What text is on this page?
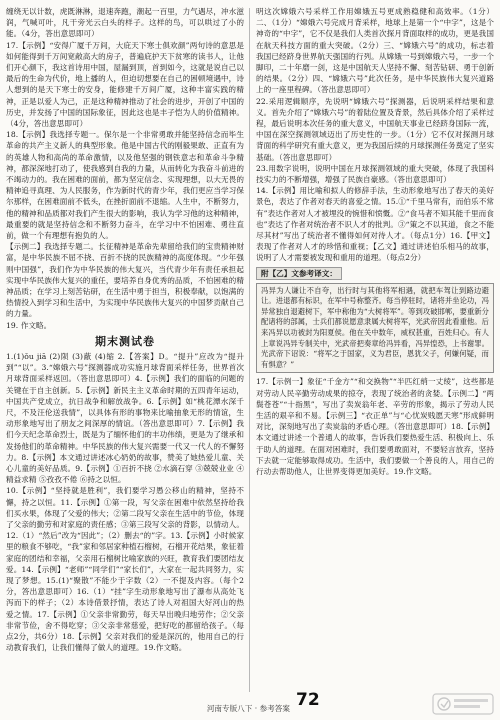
缠绕无以计数，虎既淋淋，退速奔跑，潮起一百里，力气遇尽，冲水滋润，气喊可叶，凡干旁光云白头的样子。这样的鸟，可以哄过了小的能。（4分，答出意思即可）

17.【示例】“安得广厦千万间，大庇天下寒士俱欢颜”两句诗的意思是如何能得到千万间宽敞高大的房子，普遍庇护天下贫寒的读书人，让他们开心颜下，我这首诗用中国，屋漏到顶，首到如今，这就是说自己以最后的生命为代价，地上播的人，但迫切想要在自己的困顿境遇中，诗人想到的是天下寒士的安身，能修建千万间广厦，这种丰富实践的精神，正是以爱人为己，正是这种精神推动了社会的进步，开创了中国的历史，并发扬了中国的国际象征，因此这也是丰子恺为人的价值精神。（4分，答出意思即可）

18.【示例】我选择专题一。保尔是一个非常勇敢并能坚持信念而毕生革命的共产主义新人的典型形象。他是中国古代的刚毅果敢、正直有为的英雄人物和高尚的革命激情，以及他坚强的钢铁意志和革命斗争精神，都深深地打动了，使我感到自我的力量，从而转化为我奋斗前进的不竭动力的。我在困难的面前，都为坚定信念、实现理想，以大无畏的精神追寻真理、为人民服务，作为新时代的青少年，我们更应当学习保尔那样，在困难面前不低头，在挫折面前不退缩。人生中，不断努力，他的精神和品质都对我们产生很大的影响，我认为学习他的这种精神，最重要的就是坚持信念和不断努力奋斗，在学习中不怕困难、勇往直前，做一个有理想有抱负的人。

【示例二】我选择专题二。长征精神是革命先辈留给我们的宝贵精神财富，是中华民族不屈不挠、百折不挠的民族精神的高度体现。“少年强则中国强”，我们作为中华民族的伟大复兴，当代青少年有责任承担起实现中华民族伟大复兴的重任，要培养自身优秀的品质，不怕困难的精神品质；在学习上刻苦钻研，在生活中勇于担当，积极奉献，以饱满的热情投入到学习和生活中，为实现中华民族伟大复兴的中国梦贡献自己的力量。

19. 作文略。

期末测试卷

1.(1)ǒu jiā (2)陨 (3)蔽 (4)缩 2.【答案】D。“提升”应改为“提升到”“以”。3.“嫦娥六号”探测器成功实施月球背面采样任务，世界首次月球背面采样返回。（答出意思即可）4.【示例】我们的面临的问题的关键在于自主创新。5.【示例】新民主主义革命时期的五四青年运动，中国共产党成立，抗日战争和解放战争。6.【示例】如“桃花潭水深千尺，不及汪伦送我情”，以具体有形的事物来比喻抽象无形的情谊，生动形象地写出了朋友之间深厚的情谊。（答出意思即可）7.【示例】我们今天纪念革命烈士，既是为了缅怀他们的丰功伟绩，更是为了继承和发扬他们的革命精神。中华民族的伟大复兴需要一代又一代人的不懈努力。8.【示例】本文通过讲述冰心奶奶的故事，赞美了她热爱儿童、关心儿童的美好品质。9.【示例】①百折不挠 ②水滴石穿 ③兢兢业业 ④精益求精 ⑤孜孜不倦 ⑥持之以恒。

10.【示例】“坚持就是胜利”，我们要学习愚公移山的精神，坚持不懈，持之以恒。11.【示例】①第一段，写父亲在困难中依然坚持给我们买水果，体现了父爱的伟大；②第二段写父亲在生活中的节俭，体现了父亲的勤劳和对家庭的责任感；③第三段写父亲的背影，以情动人。12.（1）“然后”改为“因此”；（2）删去“的”字。13.【示例】小时候家里的粮食不够吃，“我”家和邻居家种植石榴树，石榴开花结果，象征着家庭的团结和幸福，父亲用石榴树比喻家族的兴旺，教育我们要团结友爱。14.【示例】“老师”“同学们”“家长们”，大家在一起共同努力，实现了梦想。15.(1)“聚散”不能少于字数（2）一不提及内容。（每个2分，答出意思即可）16.（1）“挂”字生动形象地写出了瀑布从高处飞泻而下的样子；（2）本诗借景抒情，表达了诗人对祖国大好河山的热爱之情。17.【示例】①父亲非常勤劳，每天早出晚归地劳作；②父亲非常节俭，舍不得吃穿；③父亲非常慈爱，把好吃的都留给孩子。（每点2分，共6分）18.【示例】父亲对我们的爱是深沉的，他用自己的行动教育我们，让我们懂得了做人的道理。19.作文略。

明这次嫦娥六号采样工作用嫦娥五号更成熟稳健和高效率。（1分）二、（1分）“嫦娥六号完成月背采样，地球上是第一个“中字”，这是个神奇的“中字”，它不仅是我们人类首次探月背面取样的成功，更是我国在航天科技方面的重大突破。（2分）三、“嫦娥六号”的成功，标志着我国已经跻身世界航天强国的行列。从嫦娥一号到嫦娥六号，一步一个脚印，二十年磨一剑，这是中国航天人坚持不懈、刻苦钻研、勇于创新的结果。（2分）四、“嫦娥六号”此次任务，是中华民族伟大复兴道路上的一座里程碑。（答出意思即可）

22.采用逻辑顺序，先说明“嫦娥六号”探测器，后说明采样结果和意义。首先介绍了“嫦娥六号”的着陆位置及背景，然后具体介绍了采样过程，最后说明本次任务的重大意义，中国航天事业已经跻身国际一流，中国在深空探测领域迈出了历史性的一步。（1分）它不仅对探测月球背面的科学研究有重大意义，更为我国后续的月球探测任务奠定了坚实基础。（答出意思即可）

23.用数字说明，说明中国在月球探测领域的重大突破，体现了我国科技实力的不断增强，增强了民族自豪感。（答出意思即可）

14.【示例】用比喻和拟人的修辞手法，生动形象地写出了春天的美好景色，表达了作者对春天的喜爱之情。15.①“千里马常有，而伯乐不常有”表达作者对人才被埋没的惋惜和愤慨。②“食马者不知其能千里而食也”表达了作者对统治者不识人才的批判。③“策之不以其道，食之不能尽其材”写出了统治者不懂得如何对待人才。（每点1分）16.【甲文】表现了作者对人才的珍惜和重视；【乙文】通过讲述伯乐相马的故事，说明了人才需要被发现和重用的道理。（每点2分）

附【乙】文参考译文：

冯异为人谦让不自夸，出行时与其他将军相遇，就把车驾让到路边避让。进退都有标识，在军中号称整齐。每当停驻时，诸将并坐论功，冯异常独自退避树下，军中称他为“大树将军”。等到攻破邯郸，要重新分配诸将的部属，士兵们都说愿意隶属大树将军，光武帝因此看重他。后来冯异以功被封为阳夏侯。他在关中数年，威权甚重，百姓归心。有人上章说冯异专制关中，光武帝把奏章给冯异看，冯异惶恐，上书谢罪。光武帝下诏说：“将军之于国家，义为君臣，恩犹父子，何嫌何疑，而有惧意？”

17.【示例一】象征“千金方”“和交换物”“半匹红绡一丈绫”，这些都是对劳动人民辛勤劳动成果的掠夺，表现了统治者的贪婪。【示例二】“两鬓苍苍”“十指黑”，写出了卖炭翁年老、辛劳的形象，揭示了劳动人民生活的艰辛和不易。【示例三】“衣正单”与“心忧炭贱愿天寒”形成鲜明对比，深刻地写出了卖炭翁的矛盾心理。（答出意思即可）18.【示例】本文通过讲述一个普通人的故事，告诉我们要热爱生活、积极向上、乐于助人的道理。在面对困难时，我们要勇敢面对，不要轻言放弃，坚持下去就一定能够取得成功。生活中，我们要做一个善良的人，用自己的行动去帮助他人，让世界变得更加美好。19.作文略。

河南专版八下 · 参考答案 72
